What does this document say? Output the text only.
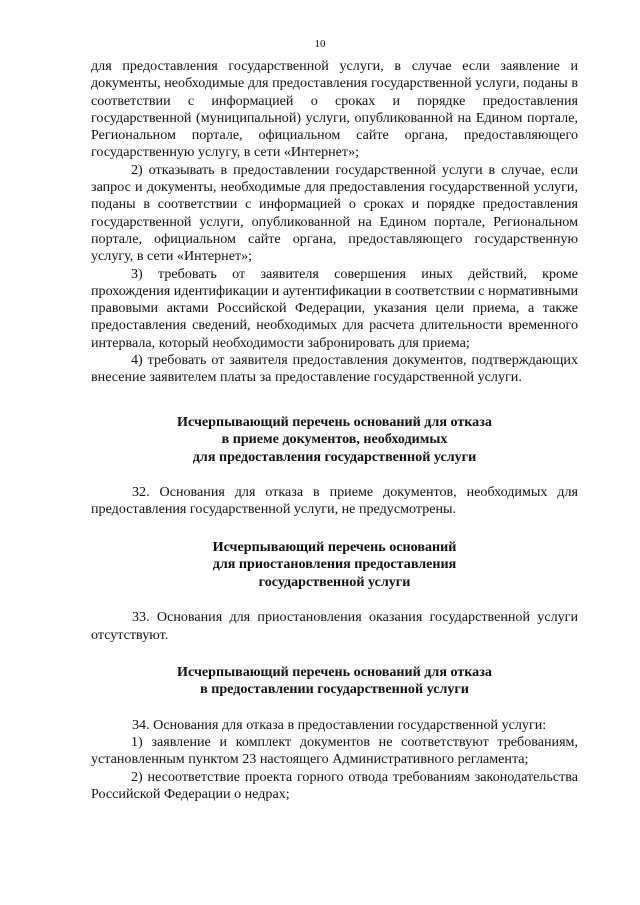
10

для предоставления государственной услуги, в случае если заявление и документы, необходимые для предоставления государственной услуги, поданы в соответствии с информацией о сроках и порядке предоставления государственной (муниципальной) услуги, опубликованной на Едином портале, Региональном портале, официальном сайте органа, предоставляющего государственную услугу, в сети «Интернет»;

2) отказывать в предоставлении государственной услуги в случае, если запрос и документы, необходимые для предоставления государственной услуги, поданы в соответствии с информацией о сроках и порядке предоставления государственной услуги, опубликованной на Едином портале, Региональном портале, официальном сайте органа, предоставляющего государственную услугу, в сети «Интернет»;

3) требовать от заявителя совершения иных действий, кроме прохождения идентификации и аутентификации в соответствии с нормативными правовыми актами Российской Федерации, указания цели приема, а также предоставления сведений, необходимых для расчета длительности временного интервала, который необходимости забронировать для приема;

4) требовать от заявителя предоставления документов, подтверждающих внесение заявителем платы за предоставление государственной услуги.

Исчерпывающий перечень оснований для отказа
в приеме документов, необходимых
для предоставления государственной услуги

32. Основания для отказа в приеме документов, необходимых для предоставления государственной услуги, не предусмотрены.

Исчерпывающий перечень оснований
для приостановления предоставления
государственной услуги

33. Основания для приостановления оказания государственной услуги отсутствуют.

Исчерпывающий перечень оснований для отказа
в предоставлении государственной услуги

34. Основания для отказа в предоставлении государственной услуги:

1) заявление и комплект документов не соответствуют требованиям, установленным пунктом 23 настоящего Административного регламента;

2) несоответствие проекта горного отвода требованиям законодательства Российской Федерации о недрах;
